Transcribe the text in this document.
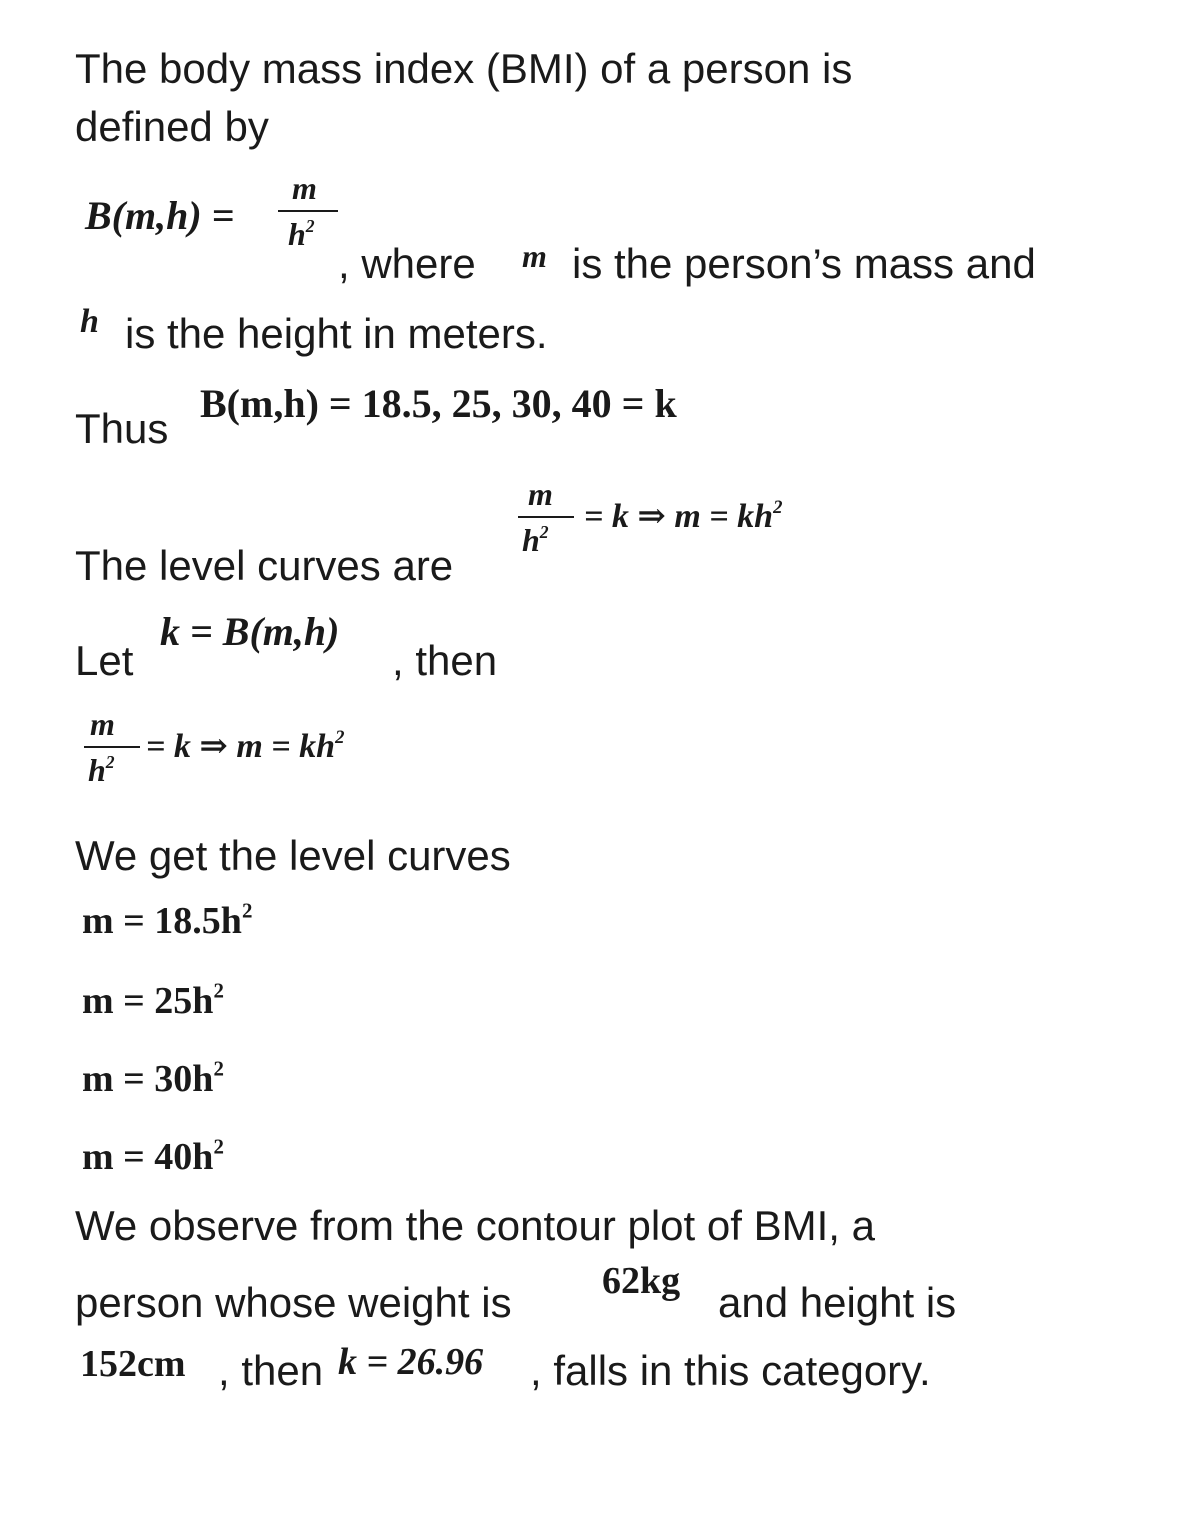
The body mass index (BMI) of a person is
defined by
B(m,h) =
m
$h^2$
, where m is the person’s mass and
h is the height in meters.
Thus
B(m,h) = 18.5, 25, 30, 40 = k
The level curves are
m
$h^2 = k$ ⇒ $m = kh^2$
Let
k = B(m,h)
, then
m
$h^2 = k$ ⇒ $m = kh^2$
We get the level curves
$m = 18.5h^2$
$m = 25h^2$
$m = 30h^2$
$m = 40h^2$
We observe from the contour plot of BMI, a
person whose weight is 62kg and height is
152cm , then k = 26.96 , falls in this category.
